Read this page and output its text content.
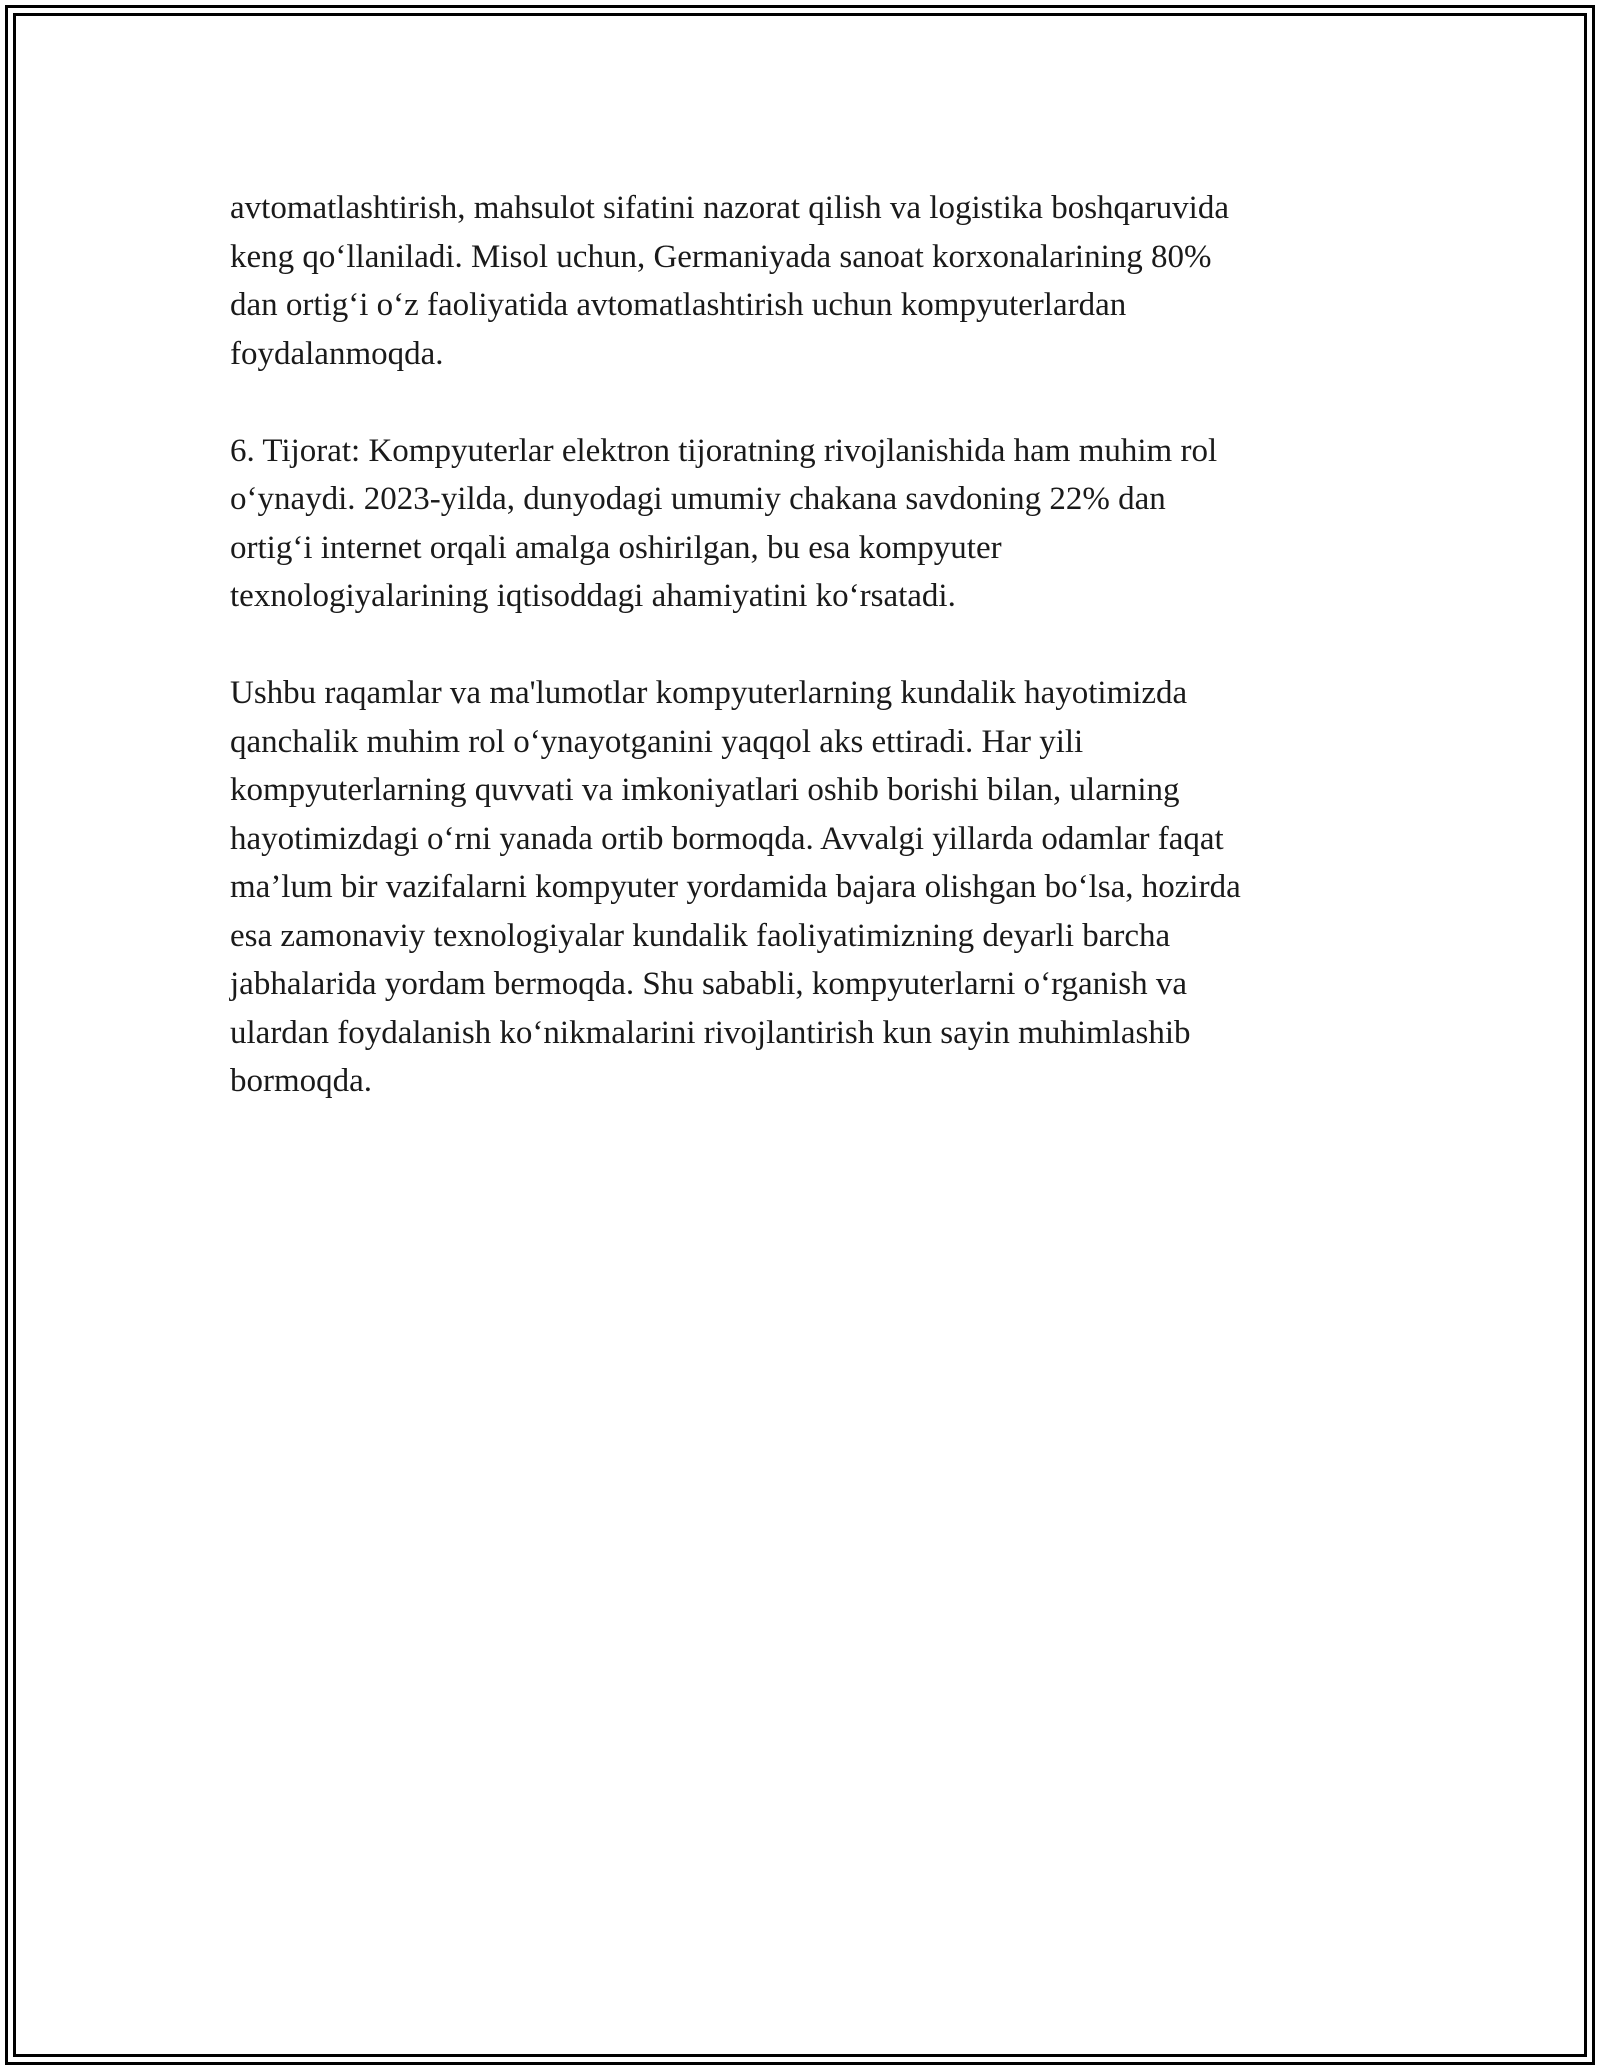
avtomatlashtirish, mahsulot sifatini nazorat qilish va logistika boshqaruvida
keng qo‘llaniladi. Misol uchun, Germaniyada sanoat korxonalarining 80%
dan ortig‘i o‘z faoliyatida avtomatlashtirish uchun kompyuterlardan
foydalanmoqda.

6. Tijorat: Kompyuterlar elektron tijoratning rivojlanishida ham muhim rol
o‘ynaydi. 2023-yilda, dunyodagi umumiy chakana savdoning 22% dan
ortig‘i internet orqali amalga oshirilgan, bu esa kompyuter
texnologiyalarining iqtisoddagi ahamiyatini ko‘rsatadi.

Ushbu raqamlar va ma'lumotlar kompyuterlarning kundalik hayotimizda
qanchalik muhim rol o‘ynayotganini yaqqol aks ettiradi. Har yili
kompyuterlarning quvvati va imkoniyatlari oshib borishi bilan, ularning
hayotimizdagi o‘rni yanada ortib bormoqda. Avvalgi yillarda odamlar faqat
ma’lum bir vazifalarni kompyuter yordamida bajara olishgan bo‘lsa, hozirda
esa zamonaviy texnologiyalar kundalik faoliyatimizning deyarli barcha
jabhalarida yordam bermoqda. Shu sababli, kompyuterlarni o‘rganish va
ulardan foydalanish ko‘nikmalarini rivojlantirish kun sayin muhimlashib
bormoqda.
